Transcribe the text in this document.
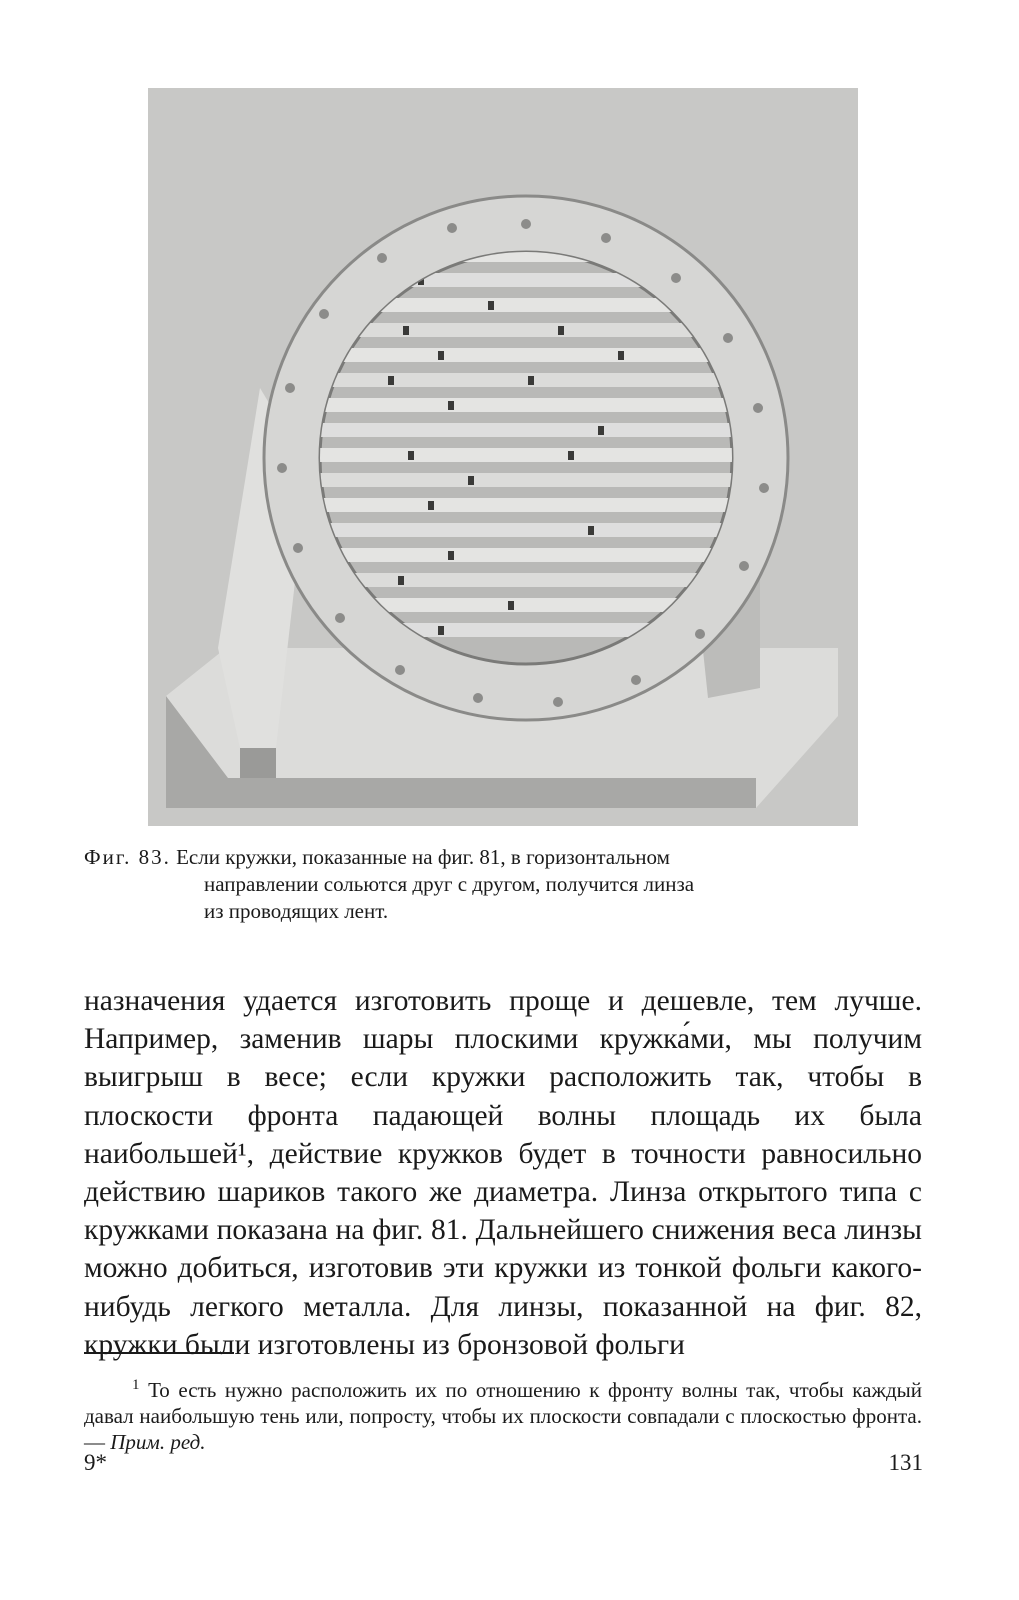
Фиг. 83. Если кружки, показанные на фиг. 81, в горизонтальном
направлении сольются друг с другом, получится линза
из проводящих лент.

назначения удается изготовить проще и дешевле, тем лучше. Например, заменив шары плоскими кружка́ми, мы получим выигрыш в весе; если кружки расположить так, чтобы в плоскости фронта падающей волны площадь их была наибольшей¹, действие кружков будет в точности равносильно действию шариков такого же диаметра. Линза открытого типа с кружками показана на фиг. 81. Дальнейшего снижения веса линзы можно добиться, изготовив эти кружки из тонкой фольги какого-нибудь легкого металла. Для линзы, показанной на фиг. 82, кружки были изготовлены из бронзовой фольги

$^1$ То есть нужно расположить их по отношению к фронту волны так, чтобы каждый давал наибольшую тень или, попросту, чтобы их плоскости совпадали с плоскостью фронта. — Прим. ред.
9*	131
